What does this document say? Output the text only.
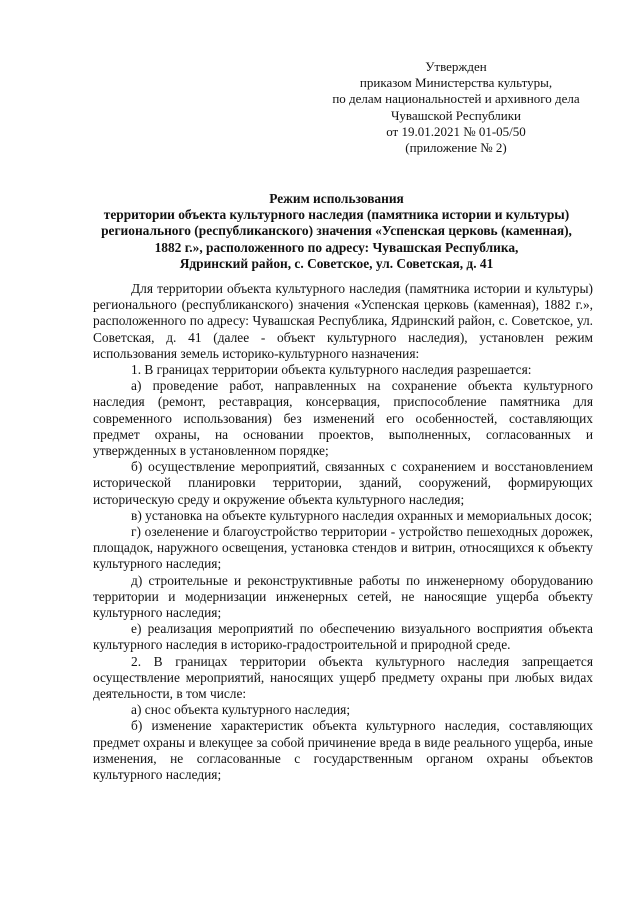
Утвержден
приказом Министерства культуры,
по делам национальностей и архивного дела
Чувашской Республики
от 19.01.2021 № 01-05/50
(приложение № 2)
Режим использования
территории объекта культурного наследия (памятника истории и культуры)
регионального (республиканского) значения «Успенская церковь (каменная),
1882 г.», расположенного по адресу: Чувашская Республика,
Ядринский район, с. Советское, ул. Советская, д. 41

Для территории объекта культурного наследия (памятника истории и культуры) регионального (республиканского) значения «Успенская церковь (каменная), 1882 г.», расположенного по адресу: Чувашская Республика, Ядринский район, с. Советское, ул. Советская, д. 41 (далее - объект культурного наследия), установлен режим использования земель историко-культурного назначения:

1. В границах территории объекта культурного наследия разрешается:

а) проведение работ, направленных на сохранение объекта культурного наследия (ремонт, реставрация, консервация, приспособление памятника для современного использования) без изменений его особенностей, составляющих предмет охраны, на основании проектов, выполненных, согласованных и утвержденных в установленном порядке;

б) осуществление мероприятий, связанных с сохранением и восстановлением исторической планировки территории, зданий, сооружений, формирующих историческую среду и окружение объекта культурного наследия;

в) установка на объекте культурного наследия охранных и мемориальных досок;

г) озеленение и благоустройство территории - устройство пешеходных дорожек, площадок, наружного освещения, установка стендов и витрин, относящихся к объекту культурного наследия;

д) строительные и реконструктивные работы по инженерному оборудованию территории и модернизации инженерных сетей, не наносящие ущерба объекту культурного наследия;

е) реализация мероприятий по обеспечению визуального восприятия объекта культурного наследия в историко-градостроительной и природной среде.

2. В границах территории объекта культурного наследия запрещается осуществление мероприятий, наносящих ущерб предмету охраны при любых видах деятельности, в том числе:

а) снос объекта культурного наследия;

б) изменение характеристик объекта культурного наследия, составляющих предмет охраны и влекущее за собой причинение вреда в виде реального ущерба, иные изменения, не согласованные с государственным органом охраны объектов культурного наследия;
